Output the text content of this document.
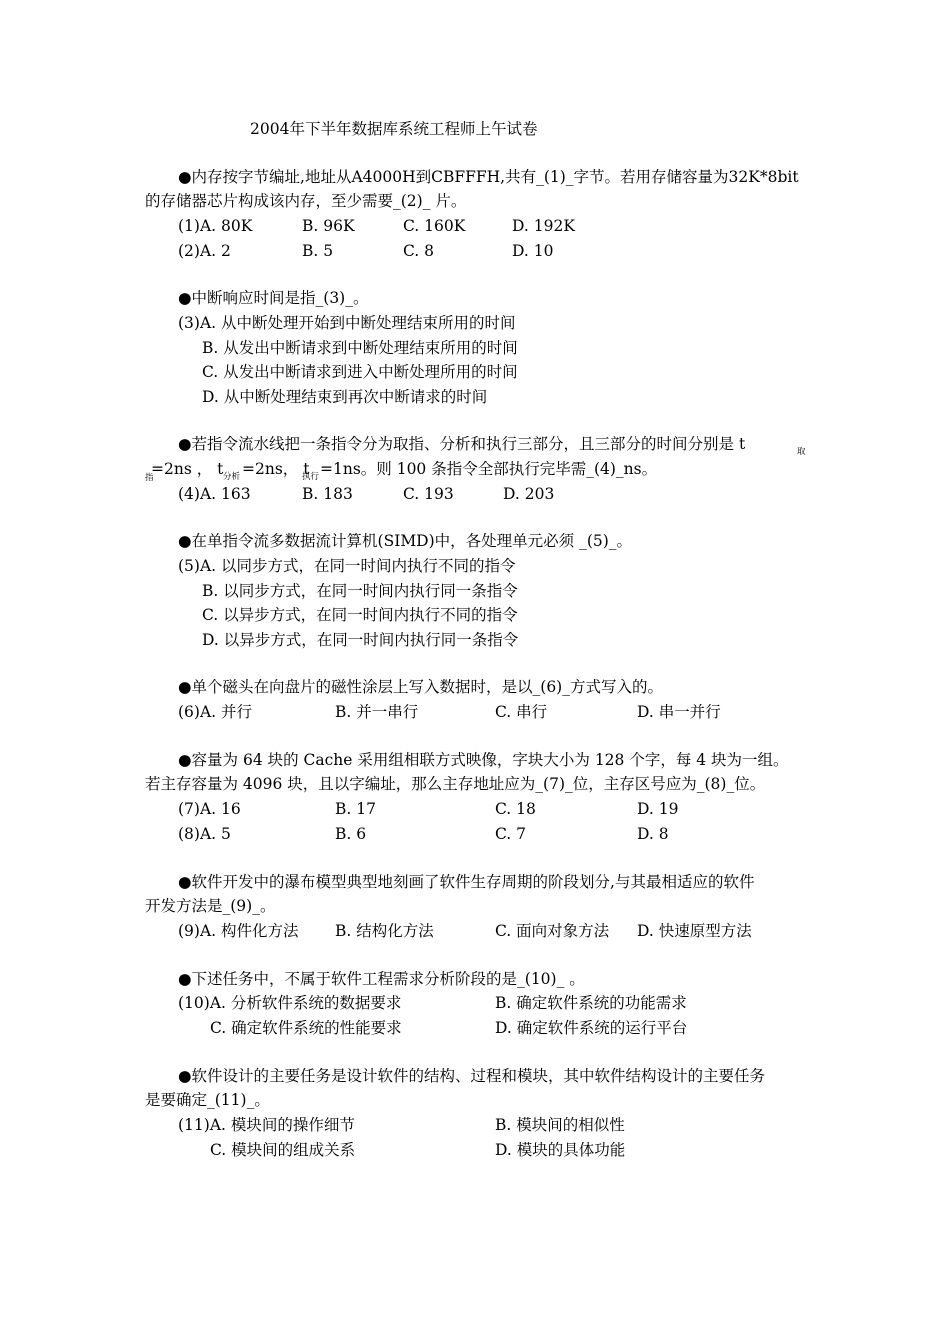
2004年下半年数据库系统工程师上午试卷
●内存按字节编址,地址从A4000H到CBFFFH,共有_(1)_字节。若用存储容量为32K*8bit
的存储器芯片构成该内存，至少需要_(2)_ 片。
(1)A. 80K	B. 96K	C. 160K	D. 192K
(2)A. 2	B. 5	C. 8	D. 10
●中断响应时间是指_(3)_。
(3)A. 从中断处理开始到中断处理结束所用的时间
B. 从发出中断请求到中断处理结束所用的时间
C. 从发出中断请求到进入中断处理所用的时间
D. 从中断处理结束到再次中断请求的时间
●若指令流水线把一条指令分为取指、分析和执行三部分，且三部分的时间分别是 t	取
指
=2ns ， t 分析 =2ns， t
执行 =1ns。则 100 条指令全部执行完毕需_(4)_ns。
(4)A. 163	B. 183	C. 193	D. 203
●在单指令流多数据流计算机(SIMD)中，各处理单元必须 _(5)_。
(5)A. 以同步方式，在同一时间内执行不同的指令
B. 以同步方式，在同一时间内执行同一条指令
C. 以异步方式，在同一时间内执行不同的指令
D. 以异步方式，在同一时间内执行同一条指令
●单个磁头在向盘片的磁性涂层上写入数据时，是以_(6)_方式写入的。
(6)A. 并行	B. 并一串行	C. 串行	D. 串一并行
●容量为 64 块的 Cache 采用组相联方式映像，字块大小为 128 个字，每 4 块为一组。
若主存容量为 4096 块，且以字编址，那么主存地址应为_(7)_位，主存区号应为_(8)_位。
(7)A. 16	B. 17	C. 18	D. 19
(8)A. 5	B. 6	C. 7	D. 8
●软件开发中的瀑布模型典型地刻画了软件生存周期的阶段划分,与其最相适应的软件
开发方法是_(9)_。
(9)A. 构件化方法 B. 结构化方法	C. 面向对象方法 D. 快速原型方法
●下述任务中，不属于软件工程需求分析阶段的是_(10)_ 。
(10)A. 分析软件系统的数据要求	B. 确定软件系统的功能需求
C. 确定软件系统的性能要求	D. 确定软件系统的运行平台
●软件设计的主要任务是设计软件的结构、过程和模块，其中软件结构设计的主要任务
是要确定_(11)_。
(11)A. 模块间的操作细节	B. 模块间的相似性
C. 模块间的组成关系	D. 模块的具体功能
